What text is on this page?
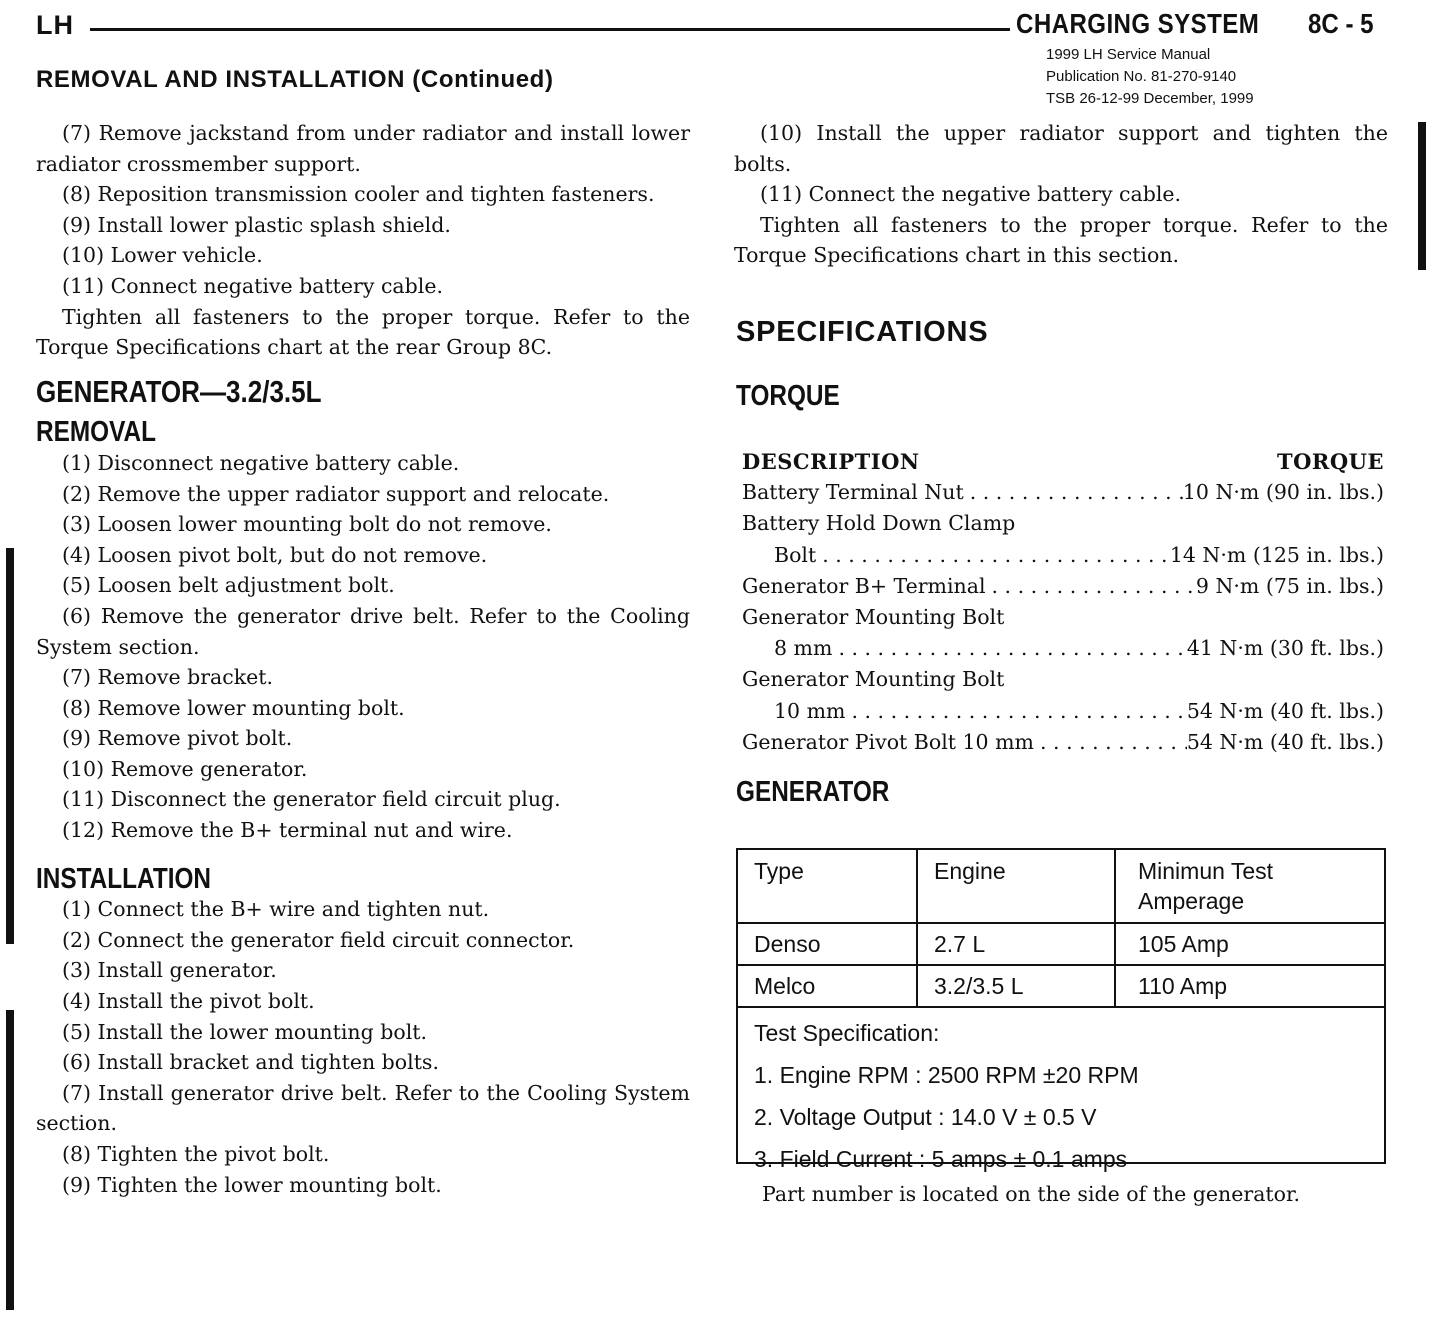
LH	CHARGING SYSTEM 8C - 5
1999 LH Service Manual
Publication No. 81-270-9140
TSB 26-12-99 December, 1999
REMOVAL AND INSTALLATION (Continued)

(7) Remove jackstand from under radiator and install lower radiator crossmember support.

(8) Reposition transmission cooler and tighten fasteners.

(9) Install lower plastic splash shield.

(10) Lower vehicle.

(11) Connect negative battery cable.

Tighten all fasteners to the proper torque. Refer to the Torque Specifications chart at the rear Group 8C.

GENERATOR—3.2/3.5L
REMOVAL

(1) Disconnect negative battery cable.

(2) Remove the upper radiator support and relocate.

(3) Loosen lower mounting bolt do not remove.

(4) Loosen pivot bolt, but do not remove.

(5) Loosen belt adjustment bolt.

(6) Remove the generator drive belt. Refer to the Cooling System section.

(7) Remove bracket.

(8) Remove lower mounting bolt.

(9) Remove pivot bolt.

(10) Remove generator.

(11) Disconnect the generator field circuit plug.

(12) Remove the B+ terminal nut and wire.

INSTALLATION

(1) Connect the B+ wire and tighten nut.

(2) Connect the generator field circuit connector.

(3) Install generator.

(4) Install the pivot bolt.

(5) Install the lower mounting bolt.

(6) Install bracket and tighten bolts.

(7) Install generator drive belt. Refer to the Cooling System section.

(8) Tighten the pivot bolt.

(9) Tighten the lower mounting bolt.

(10) Install the upper radiator support and tighten the bolts.

(11) Connect the negative battery cable.

Tighten all fasteners to the proper torque. Refer to the Torque Specifications chart in this section.

SPECIFICATIONS
TORQUE
DESCRIPTION	TORQUE
Battery Terminal Nut . . .	10 N·m (90 in. lbs.)
Battery Hold Down Clamp
Bolt . . .	14 N·m (125 in. lbs.)
Generator B+ Terminal . . .	9 N·m (75 in. lbs.)
Generator Mounting Bolt
8 mm . . .	41 N·m (30 ft. lbs.)
Generator Mounting Bolt
10 mm . . .	54 N·m (40 ft. lbs.)
Generator Pivot Bolt 10 mm . . .	54 N·m (40 ft. lbs.)
GENERATOR
Type	Engine	Minimun Test Amperage
Denso	2.7 L	105 Amp
Melco	3.2/3.5 L	110 Amp
Test Specification:
1. Engine RPM : 2500 RPM ±20 RPM
2. Voltage Output : 14.0 V ± 0.5 V
3. Field Current : 5 amps ± 0.1 amps
Part number is located on the side of the generator.
